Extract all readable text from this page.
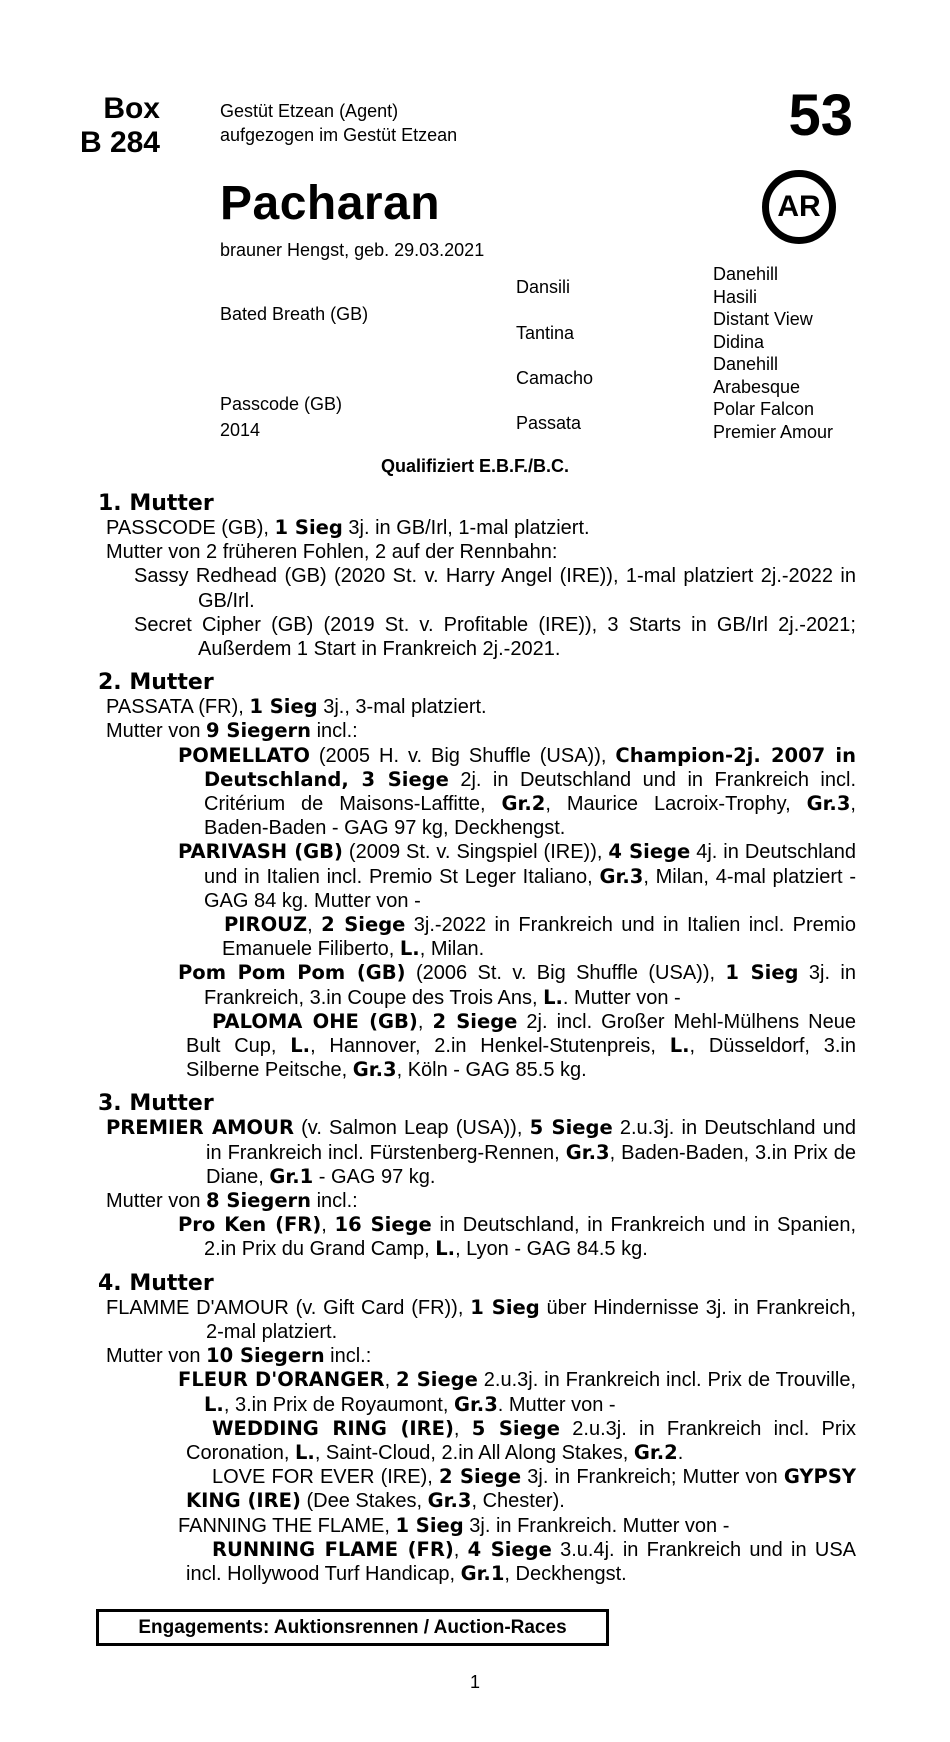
Box
B 284
Gestüt Etzean (Agent)
aufgezogen im Gestüt Etzean	53
AR
Pacharan
brauner Hengst, geb. 29.03.2021
Bated Breath (GB)
Passcode (GB)
2014
Dansili
Tantina
Camacho
Passata
Danehill
Hasili
Distant View
Didina
Danehill
Arabesque
Polar Falcon
Premier Amour
Qualifiziert E.B.F./B.C.
1. Mutter

PASSCODE (GB), 1 Sieg 3j. in GB/Irl, 1-mal platziert.

Mutter von 2 früheren Fohlen, 2 auf der Rennbahn:

Sassy Redhead (GB) (2020 St. v. Harry Angel (IRE)), 1-mal platziert 2j.-2022 in GB/Irl.

Secret Cipher (GB) (2019 St. v. Profitable (IRE)), 3 Starts in GB/Irl 2j.-2021; Außerdem 1 Start in Frankreich 2j.-2021.

2. Mutter

PASSATA (FR), 1 Sieg 3j., 3-mal platziert.

Mutter von 9 Siegern incl.:

POMELLATO (2005 H. v. Big Shuffle (USA)), Champion-2j. 2007 in Deutschland, 3 Siege 2j. in Deutschland und in Frankreich incl. Critérium de Maisons-Laffitte, Gr.2, Maurice Lacroix-Trophy, Gr.3, Baden-Baden - GAG 97 kg, Deckhengst.

PARIVASH (GB) (2009 St. v. Singspiel (IRE)), 4 Siege 4j. in Deutschland und in Italien incl. Premio St Leger Italiano, Gr.3, Milan, 4-mal platziert - GAG 84 kg. Mutter von -

PIROUZ, 2 Siege 3j.-2022 in Frankreich und in Italien incl. Premio Emanuele Filiberto, L., Milan.

Pom Pom Pom (GB) (2006 St. v. Big Shuffle (USA)), 1 Sieg 3j. in Frankreich, 3.in Coupe des Trois Ans, L.. Mutter von -

PALOMA OHE (GB), 2 Siege 2j. incl. Großer Mehl-Mülhens Neue Bult Cup, L., Hannover, 2.in Henkel-Stutenpreis, L., Düsseldorf, 3.in Silberne Peitsche, Gr.3, Köln - GAG 85.5 kg.

3. Mutter

PREMIER AMOUR (v. Salmon Leap (USA)), 5 Siege 2.u.3j. in Deutschland und in Frankreich incl. Fürstenberg-Rennen, Gr.3, Baden-Baden, 3.in Prix de Diane, Gr.1 - GAG 97 kg.

Mutter von 8 Siegern incl.:

Pro Ken (FR), 16 Siege in Deutschland, in Frankreich und in Spanien, 2.in Prix du Grand Camp, L., Lyon - GAG 84.5 kg.

4. Mutter

FLAMME D'AMOUR (v. Gift Card (FR)), 1 Sieg über Hindernisse 3j. in Frankreich, 2-mal platziert.

Mutter von 10 Siegern incl.:

FLEUR D'ORANGER, 2 Siege 2.u.3j. in Frankreich incl. Prix de Trouville, L., 3.in Prix de Royaumont, Gr.3. Mutter von -

WEDDING RING (IRE), 5 Siege 2.u.3j. in Frankreich incl. Prix Coronation, L., Saint-Cloud, 2.in All Along Stakes, Gr.2.

LOVE FOR EVER (IRE), 2 Siege 3j. in Frankreich; Mutter von GYPSY KING (IRE) (Dee Stakes, Gr.3, Chester).

FANNING THE FLAME, 1 Sieg 3j. in Frankreich. Mutter von -

RUNNING FLAME (FR), 4 Siege 3.u.4j. in Frankreich und in USA incl. Hollywood Turf Handicap, Gr.1, Deckhengst.

Engagements: Auktionsrennen / Auction-Races
1
